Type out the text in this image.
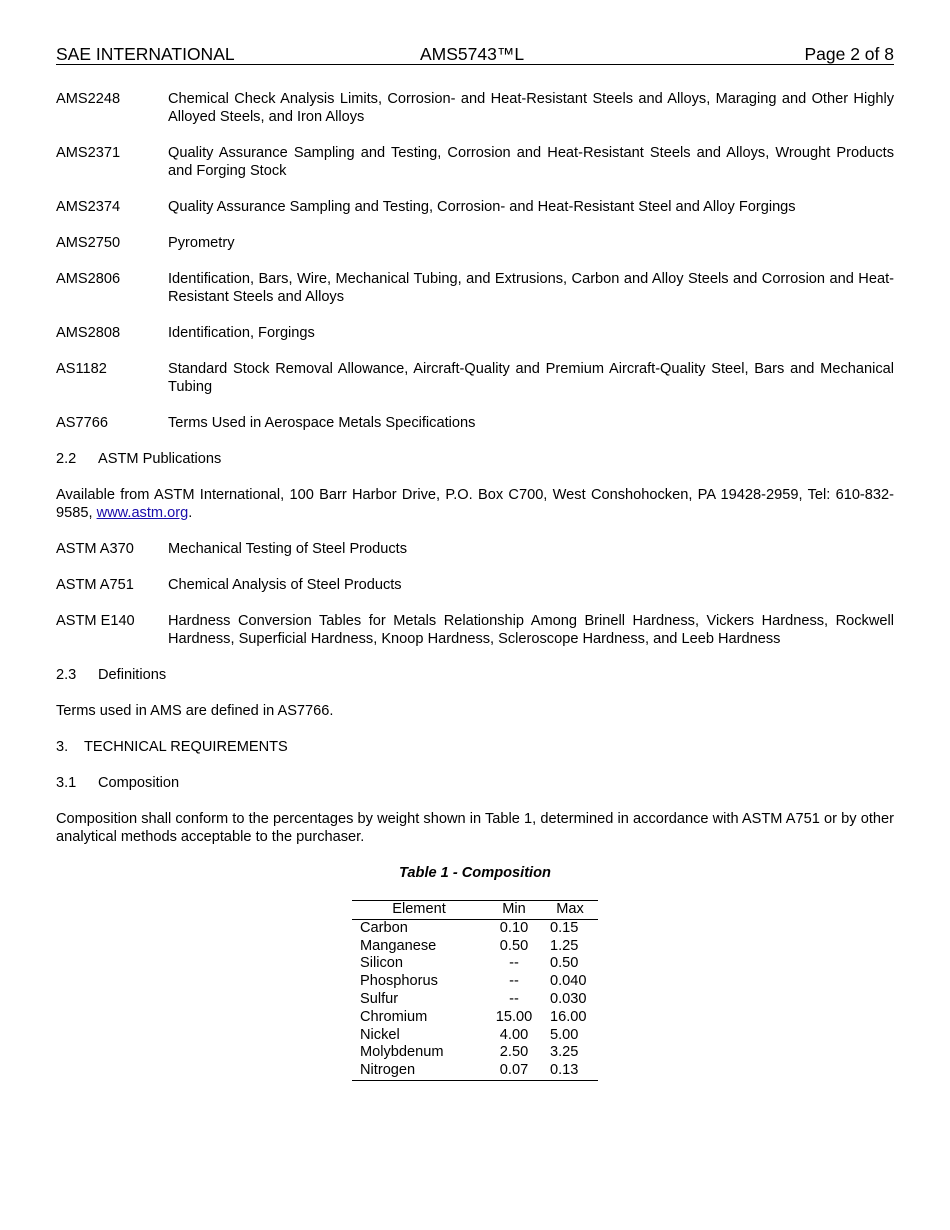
SAE INTERNATIONAL	AMS5743™L	Page 2 of 8
AMS2248	Chemical Check Analysis Limits, Corrosion- and Heat-Resistant Steels and Alloys, Maraging and Other Highly Alloyed Steels, and Iron Alloys
AMS2371	Quality Assurance Sampling and Testing, Corrosion and Heat-Resistant Steels and Alloys, Wrought Products and Forging Stock
AMS2374	Quality Assurance Sampling and Testing, Corrosion- and Heat-Resistant Steel and Alloy Forgings
AMS2750	Pyrometry
AMS2806	Identification, Bars, Wire, Mechanical Tubing, and Extrusions, Carbon and Alloy Steels and Corrosion and Heat-Resistant Steels and Alloys
AMS2808	Identification, Forgings
AS1182	Standard Stock Removal Allowance, Aircraft-Quality and Premium Aircraft-Quality Steel, Bars and Mechanical Tubing
AS7766	Terms Used in Aerospace Metals Specifications
2.2 ASTM Publications
Available from ASTM International, 100 Barr Harbor Drive, P.O. Box C700, West Conshohocken, PA 19428-2959, Tel: 610-832-9585, www.astm.org.
ASTM A370	Mechanical Testing of Steel Products
ASTM A751	Chemical Analysis of Steel Products
ASTM E140	Hardness Conversion Tables for Metals Relationship Among Brinell Hardness, Vickers Hardness, Rockwell Hardness, Superficial Hardness, Knoop Hardness, Scleroscope Hardness, and Leeb Hardness
2.3 Definitions
Terms used in AMS are defined in AS7766.
3. TECHNICAL REQUIREMENTS
3.1 Composition
Composition shall conform to the percentages by weight shown in Table 1, determined in accordance with ASTM A751 or by other analytical methods acceptable to the purchaser.
Table 1 - Composition
Element	Min	Max
Carbon	0.10	0.15
Manganese	0.50	1.25
Silicon	--	0.50
Phosphorus	--	0.040
Sulfur	--	0.030
Chromium	15.00	16.00
Nickel	4.00	5.00
Molybdenum	2.50	3.25
Nitrogen	0.07	0.13
